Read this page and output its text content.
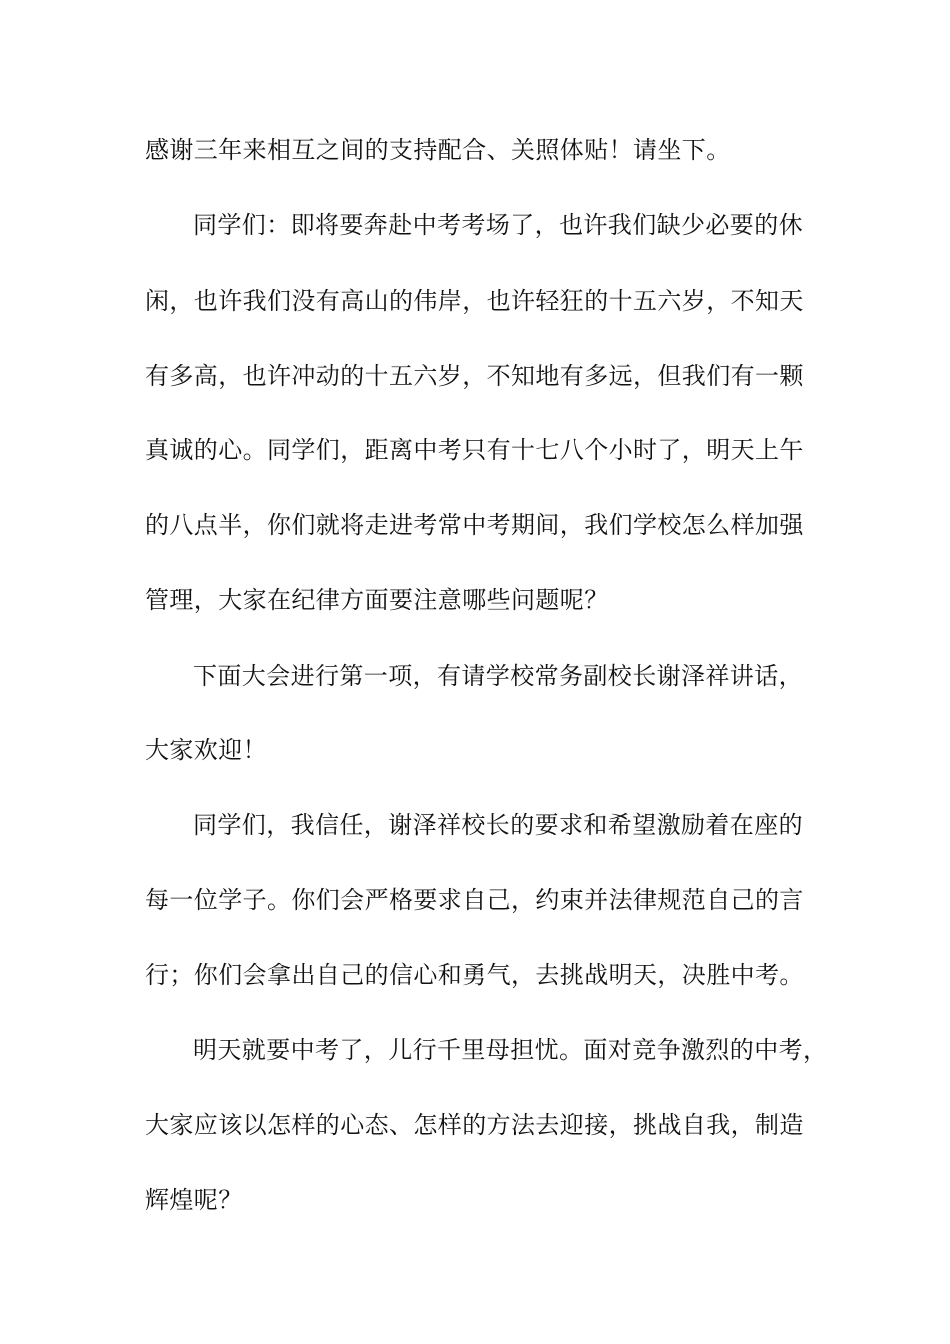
感谢三年来相互之间的支持配合、关照体贴！请坐下。
同学们：即将要奔赴中考考场了，也许我们缺少必要的休
闲，也许我们没有高山的伟岸，也许轻狂的十五六岁，不知天
有多高，也许冲动的十五六岁，不知地有多远，但我们有一颗
真诚的心。同学们，距离中考只有十七八个小时了，明天上午
的八点半，你们就将走进考常中考期间，我们学校怎么样加强
管理，大家在纪律方面要注意哪些问题呢？
下面大会进行第一项，有请学校常务副校长谢泽祥讲话，
大家欢迎！
同学们，我信任，谢泽祥校长的要求和希望激励着在座的
每一位学子。你们会严格要求自己，约束并法律规范自己的言
行；你们会拿出自己的信心和勇气，去挑战明天，决胜中考。
明天就要中考了，儿行千里母担忧。面对竞争激烈的中考，
大家应该以怎样的心态、怎样的方法去迎接，挑战自我，制造
辉煌呢？
